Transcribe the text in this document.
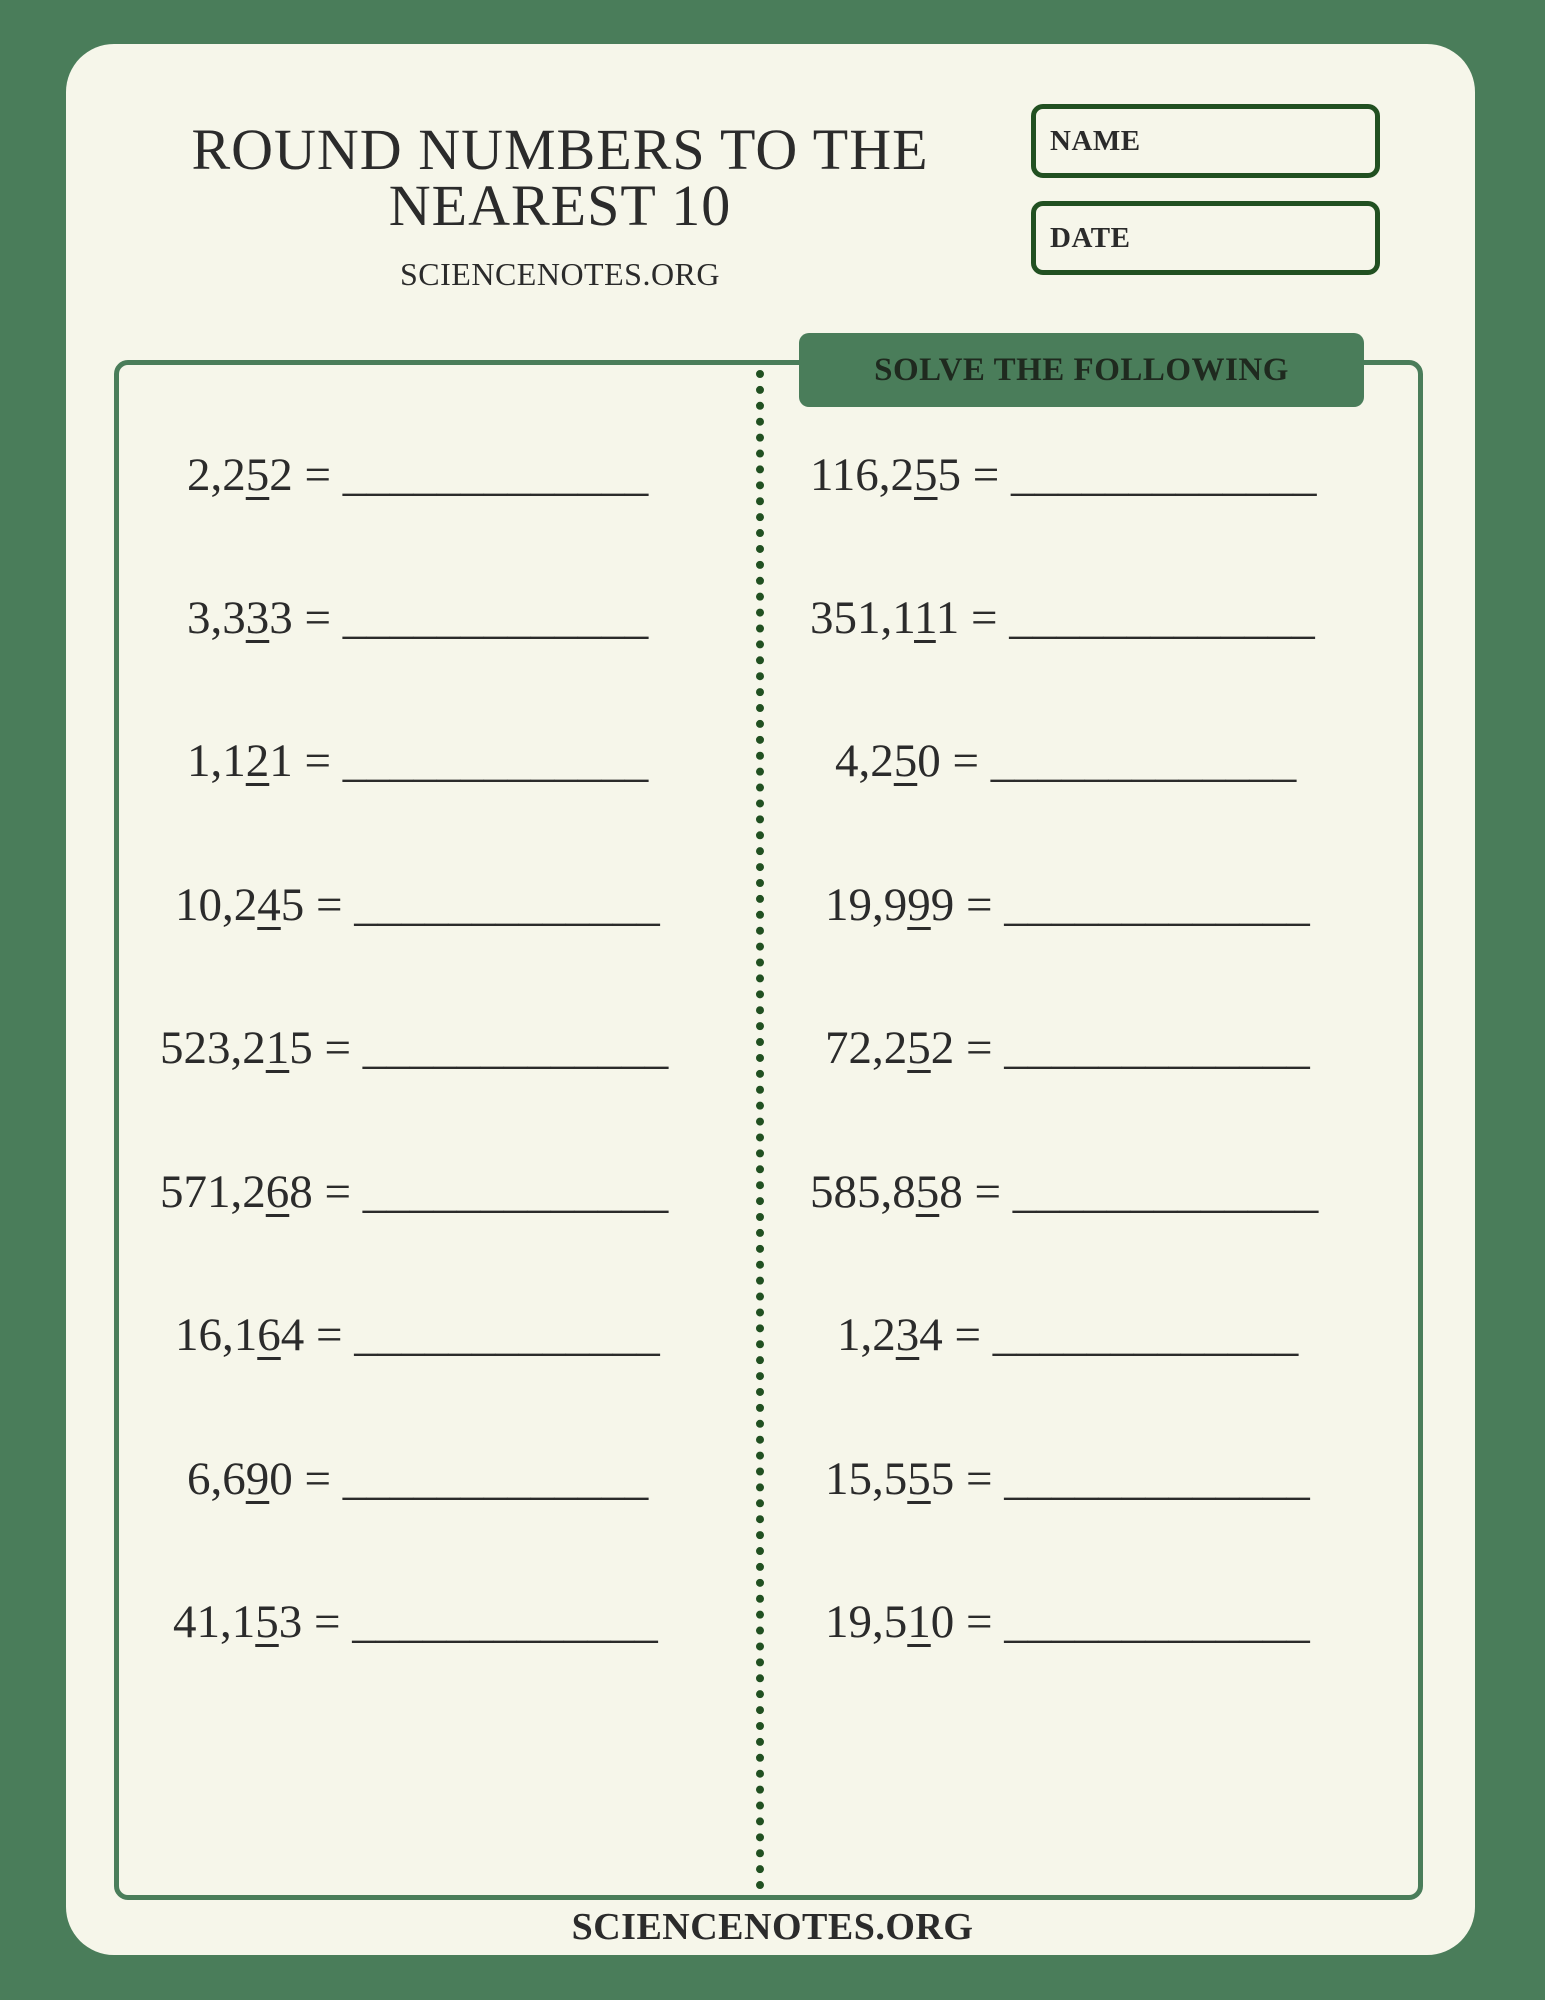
ROUND NUMBERS TO THE
NEAREST 10
SCIENCENOTES.ORG
NAME
DATE
SOLVE THE FOLLOWING
2,252 = _____________
3,333 = _____________
1,121 = _____________
10,245 = _____________
523,215 = _____________
571,268 = _____________
16,164 = _____________
6,690 = _____________
41,153 = _____________
116,255 = _____________
351,111 = _____________
4,250 = _____________
19,999 = _____________
72,252 = _____________
585,858 = _____________
1,234 = _____________
15,555 = _____________
19,510 = _____________
SCIENCENOTES.ORG
